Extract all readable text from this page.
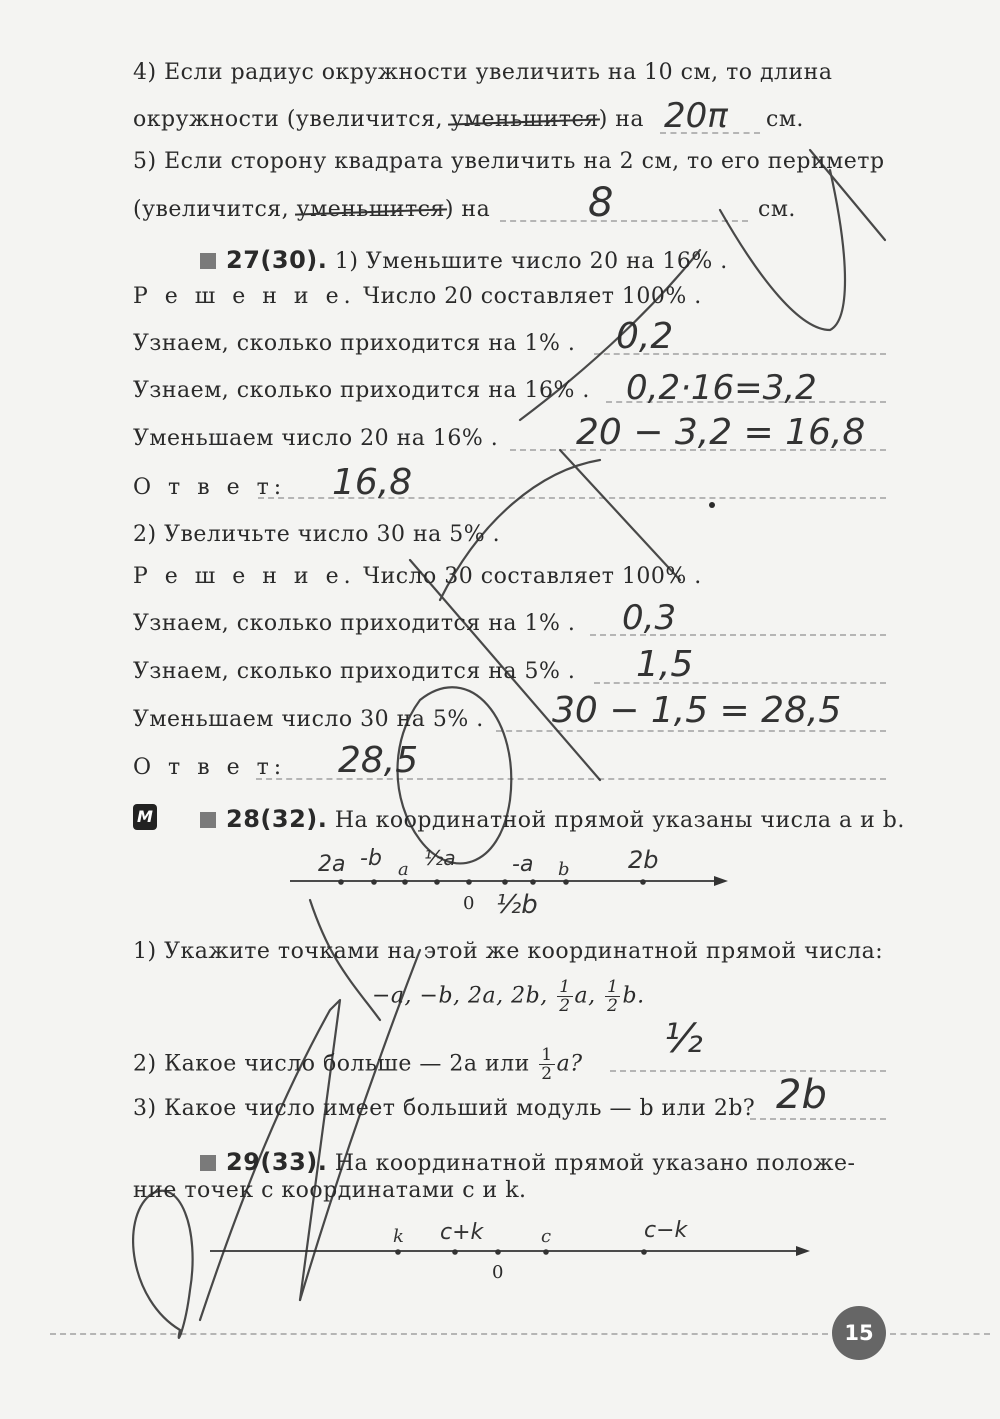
4) Если радиус окружности увеличить на 10 см, то длина
окружности (увеличится, уменьшится) на 20π см.
5) Если сторону квадрата увеличить на 2 см, то его периметр
(увеличится, уменьшится) на 8	см.
27(30). 1) Уменьшите число 20 на 16% .
Р е ш е н и е. Число 20 составляет 100% .
Узнаем, сколько приходится на 1% . 0,2
Узнаем, сколько приходится на 16% . 0,2·16=3,2
Уменьшаем число 20 на 16% . 20 − 3,2 = 16,8
О т в е т: 16,8
2) Увеличьте число 30 на 5% .
Р е ш е н и е. Число 30 составляет 100% .
Узнаем, сколько приходится на 1% . 0,3
Узнаем, сколько приходится на 5% . 1,5
Уменьшаем число 30 на 5% . 30 − 1,5 = 28,5
О т в е т: 28,5
М	28(32). На координатной прямой указаны числа a и b.
a	b
0
2a -b ½a	-a	2b
½b
1) Укажите точками на этой же координатной прямой числа:
−a, −b, 2a, 2b, $\frac{1}{2} a$, $\frac{1}{2} b$.
2) Какое число больше — 2a или $\frac{1}{2} a$?
½
3) Какое число имеет больший модуль — b или 2b? 2b
29(33). На координатной прямой указано положе-
ние точек с координатами c и k.
k	c
0
c+k	c−k
15
